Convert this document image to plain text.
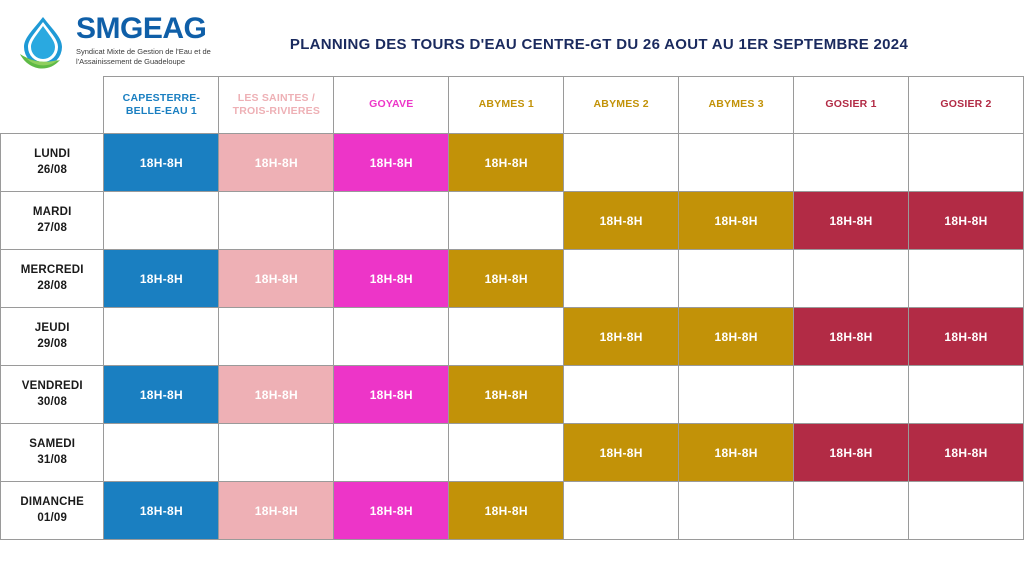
SMGEAG
Syndicat Mixte de Gestion de l'Eau et de l'Assainissement de Guadeloupe
PLANNING DES TOURS D'EAU CENTRE-GT DU 26 AOUT AU 1ER SEPTEMBRE 2024
	CAPESTERRE-BELLE-EAU 1	LES SAINTES / TROIS-RIVIERES	GOYAVE	ABYMES 1	ABYMES 2	ABYMES 3	GOSIER 1	GOSIER 2

LUNDI
26/08	18H-8H	18H-8H	18H-8H	18H-8H				

MARDI
27/08					18H-8H	18H-8H	18H-8H	18H-8H

MERCREDI
28/08	18H-8H	18H-8H	18H-8H	18H-8H				

JEUDI
29/08					18H-8H	18H-8H	18H-8H	18H-8H

VENDREDI
30/08	18H-8H	18H-8H	18H-8H	18H-8H				

SAMEDI
31/08					18H-8H	18H-8H	18H-8H	18H-8H

DIMANCHE
01/09	18H-8H	18H-8H	18H-8H	18H-8H				
